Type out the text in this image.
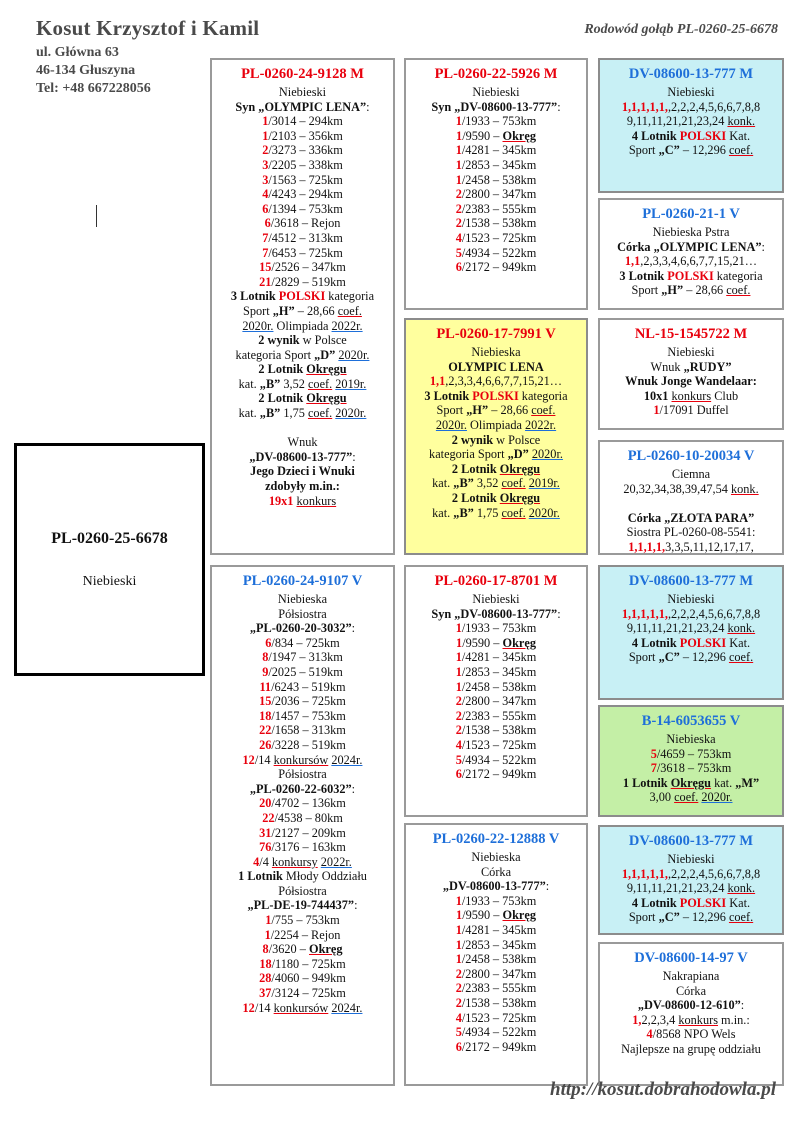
Kosut Krzysztof i Kamil
ul. Główna 63
46-134 Głuszyna
Tel: +48 667228056
Rodowód gołąb PL-0260-25-6678
PL-0260-25-6678
Niebieski
PL-0260-24-9128 M
Niebieski
Syn „OLYMPIC LENA”:
1/3014 – 294km
1/2103 – 356km
2/3273 – 336km
3/2205 – 338km
3/1563 – 725km
4/4243 – 294km
6/1394 – 753km
6/3618 – Rejon
7/4512 – 313km
7/6453 – 725km
15/2526 – 347km
21/2829 – 519km
3 Lotnik POLSKI kategoria
Sport „H” – 28,66 coef.
2020r. Olimpiada 2022r.
2 wynik w Polsce
kategoria Sport „D” 2020r.
2 Lotnik Okręgu
kat. „B” 3,52 coef. 2019r.
2 Lotnik Okręgu
kat. „B” 1,75 coef. 2020r.

Wnuk
„DV-08600-13-777”:
Jego Dzieci i Wnuki
zdobyły m.in.:
19x1 konkurs
PL-0260-24-9107 V
Niebieska
Półsiostra
„PL-0260-20-3032”:
6/834 – 725km
8/1947 – 313km
9/2025 – 519km
11/6243 – 519km
15/2036 – 725km
18/1457 – 753km
22/1658 – 313km
26/3228 – 519km
12/14 konkursów 2024r.
Półsiostra
„PL-0260-22-6032”:
20/4702 – 136km
22/4538 – 80km
31/2127 – 209km
76/3176 – 163km
4/4 konkursy 2022r.
1 Lotnik Młody Oddziału
Półsiostra
„PL-DE-19-744437”:
1/755 – 753km
1/2254 – Rejon
8/3620 – Okręg
18/1180 – 725km
28/4060 – 949km
37/3124 – 725km
12/14 konkursów 2024r.
PL-0260-22-5926 M
Niebieski
Syn „DV-08600-13-777”:
1/1933 – 753km
1/9590 – Okręg
1/4281 – 345km
1/2853 – 345km
1/2458 – 538km
2/2800 – 347km
2/2383 – 555km
2/1538 – 538km
4/1523 – 725km
5/4934 – 522km
6/2172 – 949km
PL-0260-17-7991 V
Niebieska
OLYMPIC LENA
1,1,2,3,3,4,6,6,7,7,15,21…
3 Lotnik POLSKI kategoria
Sport „H” – 28,66 coef.
2020r. Olimpiada 2022r.
2 wynik w Polsce
kategoria Sport „D” 2020r.
2 Lotnik Okręgu
kat. „B” 3,52 coef. 2019r.
2 Lotnik Okręgu
kat. „B” 1,75 coef. 2020r.
PL-0260-17-8701 M
Niebieski
Syn „DV-08600-13-777”:
1/1933 – 753km
1/9590 – Okręg
1/4281 – 345km
1/2853 – 345km
1/2458 – 538km
2/2800 – 347km
2/2383 – 555km
2/1538 – 538km
4/1523 – 725km
5/4934 – 522km
6/2172 – 949km
PL-0260-22-12888 V
Niebieska
Córka
„DV-08600-13-777”:
1/1933 – 753km
1/9590 – Okręg
1/4281 – 345km
1/2853 – 345km
1/2458 – 538km
2/2800 – 347km
2/2383 – 555km
2/1538 – 538km
4/1523 – 725km
5/4934 – 522km
6/2172 – 949km
DV-08600-13-777 M
Niebieski
1,1,1,1,1,,2,2,2,4,5,6,6,7,8,8
9,11,11,21,21,23,24 konk.
4 Lotnik POLSKI Kat.
Sport „C” – 12,296 coef.
PL-0260-21-1 V
Niebieska Pstra
Córka „OLYMPIC LENA”:
1,1,2,3,3,4,6,6,7,7,15,21…
3 Lotnik POLSKI kategoria
Sport „H” – 28,66 coef.
NL-15-1545722 M
Niebieski
Wnuk „RUDY”
Wnuk Jonge Wandelaar:
10x1 konkurs Club
1/17091 Duffel
PL-0260-10-20034 V
Ciemna
20,32,34,38,39,47,54 konk.

Córka „ZŁOTA PARA”
Siostra PL-0260-08-5541:
1,1,1,1,3,3,5,11,12,17,17,
DV-08600-13-777 M
Niebieski
1,1,1,1,1,,2,2,2,4,5,6,6,7,8,8
9,11,11,21,21,23,24 konk.
4 Lotnik POLSKI Kat.
Sport „C” – 12,296 coef.
B-14-6053655 V
Niebieska
5/4659 – 753km
7/3618 – 753km
1 Lotnik Okręgu kat. „M”
3,00 coef. 2020r.
DV-08600-13-777 M
Niebieski
1,1,1,1,1,,2,2,2,4,5,6,6,7,8,8
9,11,11,21,21,23,24 konk.
4 Lotnik POLSKI Kat.
Sport „C” – 12,296 coef.
DV-08600-14-97 V
Nakrapiana
Córka
„DV-08600-12-610”:
1,2,2,3,4 konkurs m.in.:
4/8568 NPO Wels
Najlepsze na grupę oddziału
http://kosut.dobrahodowla.pl
